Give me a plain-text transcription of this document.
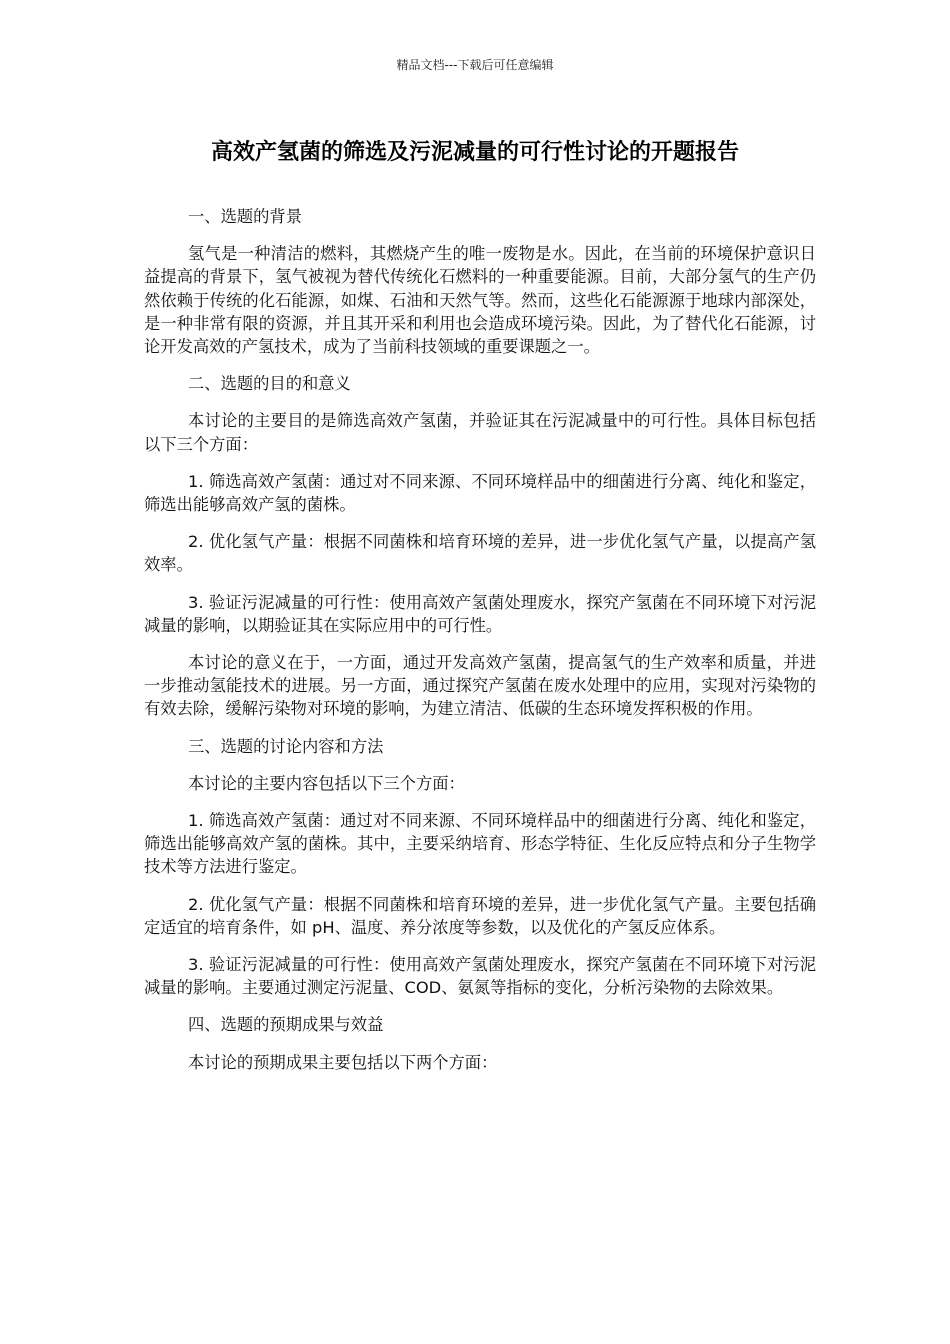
精品文档---下载后可任意编辑
高效产氢菌的筛选及污泥减量的可行性讨论的开题报告

一、选题的背景

氢气是一种清洁的燃料，其燃烧产生的唯一废物是水。因此，在当前的环境保护意识日益提高的背景下，氢气被视为替代传统化石燃料的一种重要能源。目前，大部分氢气的生产仍然依赖于传统的化石能源，如煤、石油和天然气等。然而，这些化石能源源于地球内部深处，是一种非常有限的资源，并且其开采和利用也会造成环境污染。因此，为了替代化石能源，讨论开发高效的产氢技术，成为了当前科技领域的重要课题之一。

二、选题的目的和意义

本讨论的主要目的是筛选高效产氢菌，并验证其在污泥减量中的可行性。具体目标包括以下三个方面：

1. 筛选高效产氢菌：通过对不同来源、不同环境样品中的细菌进行分离、纯化和鉴定，筛选出能够高效产氢的菌株。

2. 优化氢气产量：根据不同菌株和培育环境的差异，进一步优化氢气产量，以提高产氢效率。

3. 验证污泥减量的可行性：使用高效产氢菌处理废水，探究产氢菌在不同环境下对污泥减量的影响，以期验证其在实际应用中的可行性。

本讨论的意义在于，一方面，通过开发高效产氢菌，提高氢气的生产效率和质量，并进一步推动氢能技术的进展。另一方面，通过探究产氢菌在废水处理中的应用，实现对污染物的有效去除，缓解污染物对环境的影响，为建立清洁、低碳的生态环境发挥积极的作用。

三、选题的讨论内容和方法

本讨论的主要内容包括以下三个方面：

1. 筛选高效产氢菌：通过对不同来源、不同环境样品中的细菌进行分离、纯化和鉴定，筛选出能够高效产氢的菌株。其中，主要采纳培育、形态学特征、生化反应特点和分子生物学技术等方法进行鉴定。

2. 优化氢气产量：根据不同菌株和培育环境的差异，进一步优化氢气产量。主要包括确定适宜的培育条件，如 pH、温度、养分浓度等参数，以及优化的产氢反应体系。

3. 验证污泥减量的可行性：使用高效产氢菌处理废水，探究产氢菌在不同环境下对污泥减量的影响。主要通过测定污泥量、COD、氨氮等指标的变化，分析污染物的去除效果。

四、选题的预期成果与效益

本讨论的预期成果主要包括以下两个方面：
